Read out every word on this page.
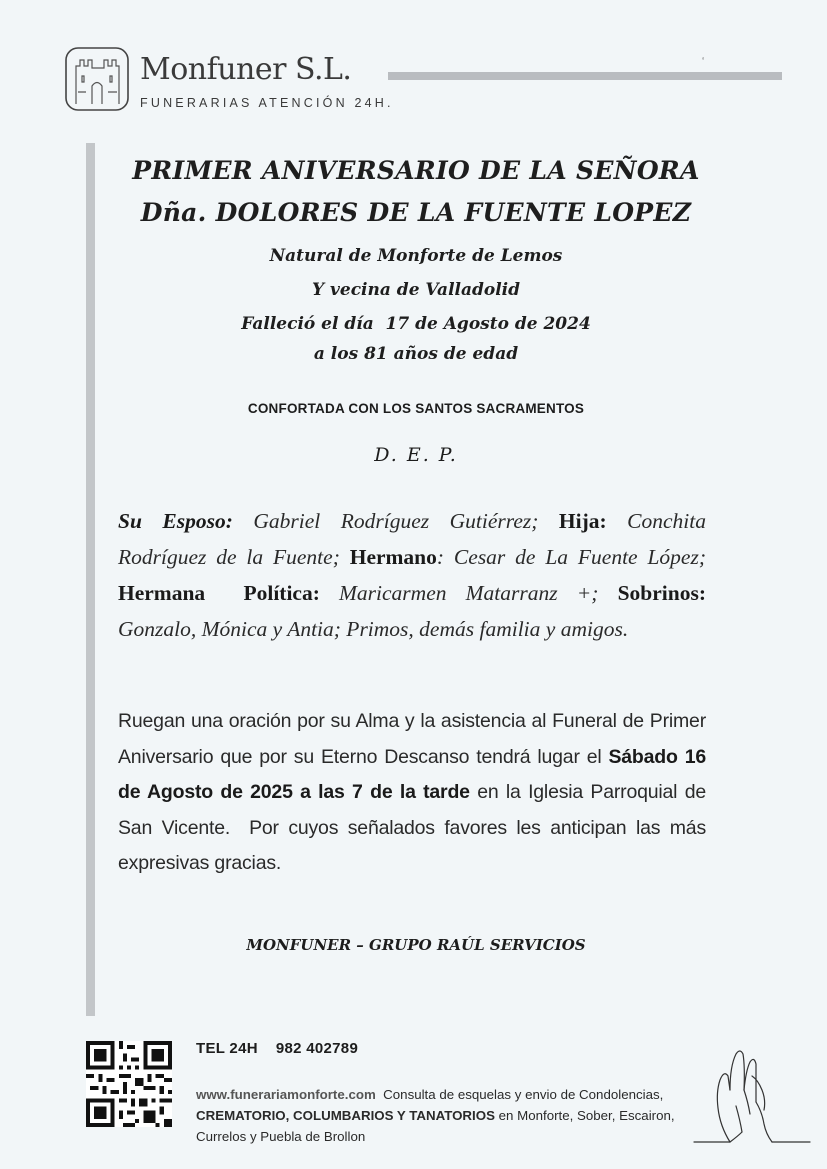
Monfuner S.L.
FUNERARIAS ATENCIÓN 24H.
PRIMER ANIVERSARIO DE LA SEÑORA
Dña. DOLORES DE LA FUENTE LOPEZ
Natural de Monforte de Lemos
Y vecina de Valladolid
Falleció el día  17 de Agosto de 2024
a los 81 años de edad
CONFORTADA CON LOS SANTOS SACRAMENTOS
D. E. P.
Su Esposo: Gabriel Rodríguez Gutiérrez; Hija: Conchita Rodríguez de la Fuente; Hermano: Cesar de La Fuente López; Hermana  Política: Maricarmen Matarranz +; Sobrinos: Gonzalo, Mónica y Antia; Primos, demás familia y amigos.
Ruegan una oración por su Alma y la asistencia al Funeral de Primer Aniversario que por su Eterno Descanso tendrá lugar el Sábado 16 de Agosto de 2025 a las 7 de la tarde en la Iglesia Parroquial de San Vicente.  Por cuyos señalados favores les anticipan las más expresivas gracias.
MONFUNER – GRUPO RAÚL SERVICIOS
TEL 24H 982 402789
www.funerariamonforte.com  Consulta de esquelas y envio de Condolencias, CREMATORIO, COLUMBARIOS Y TANATORIOS en Monforte, Sober, Escairon, Currelos y Puebla de Brollon
‘
